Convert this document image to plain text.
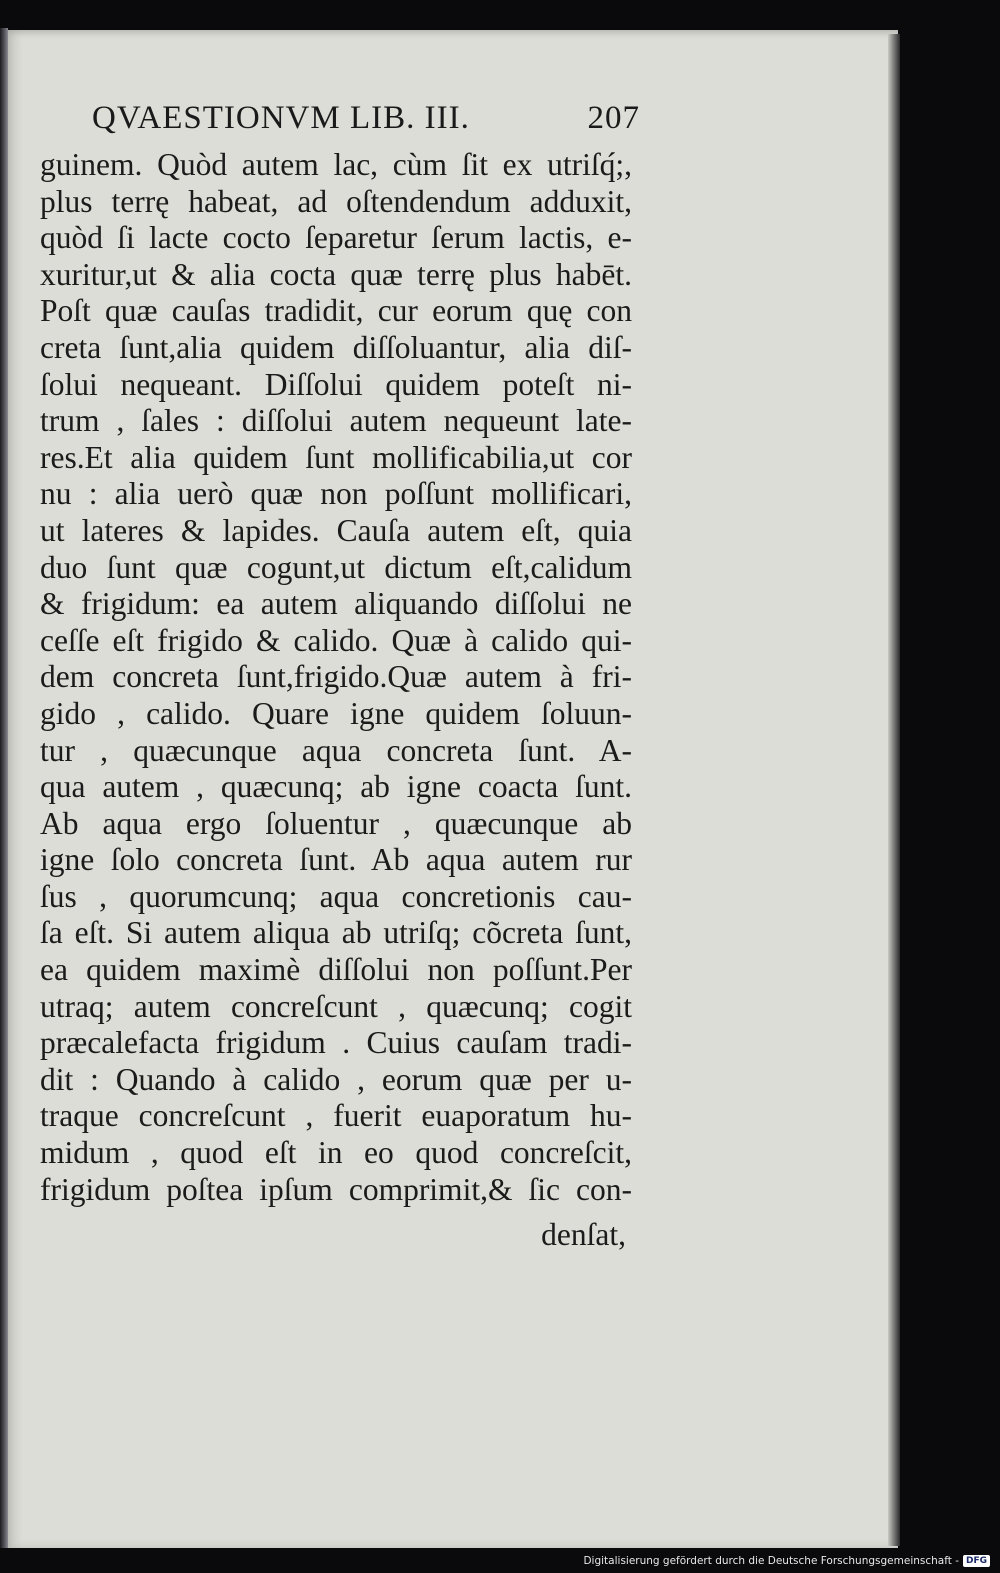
QVAESTIONVM LIB. III.	207
guinem. Quòd autem lac, cùm ſit ex utriſq́;,
plus terrę habeat, ad oſtendendum adduxit,
quòd ſi lacte cocto ſeparetur ſerum lactis, e-
xuritur,ut & alia cocta quæ terrę plus habēt.
Poſt quæ cauſas tradidit, cur eorum quę con
creta ſunt,alia quidem diſſoluantur, alia diſ-
ſolui nequeant. Diſſolui quidem poteſt ni-
trum , ſales : diſſolui autem nequeunt late-
res.Et alia quidem ſunt mollificabilia,ut cor
nu : alia uerò quæ non poſſunt mollificari,
ut lateres & lapides. Cauſa autem eſt, quia
duo ſunt quæ cogunt,ut dictum eſt,calidum
& frigidum: ea autem aliquando diſſolui ne
ceſſe eſt frigido & calido. Quæ à calido qui-
dem concreta ſunt,frigido.Quæ autem à fri-
gido , calido. Quare igne quidem ſoluun-
tur , quæcunque aqua concreta ſunt. A-
qua autem , quæcunq; ab igne coacta ſunt.
Ab aqua ergo ſoluentur , quæcunque ab
igne ſolo concreta ſunt. Ab aqua autem rur
ſus , quorumcunq; aqua concretionis cau-
ſa eſt. Si autem aliqua ab utriſq; cõcreta ſunt,
ea quidem maximè diſſolui non poſſunt.Per
utraq; autem concreſcunt , quæcunq; cogit
præcalefacta frigidum . Cuius cauſam tradi-
dit : Quando à calido , eorum quæ per u-
traque concreſcunt , fuerit euaporatum hu-
midum , quod eſt in eo quod concreſcit,
frigidum poſtea ipſum comprimit,& ſic con-
denſat,
Digitalisierung gefördert durch die Deutsche Forschungsgemeinschaft - DFG
